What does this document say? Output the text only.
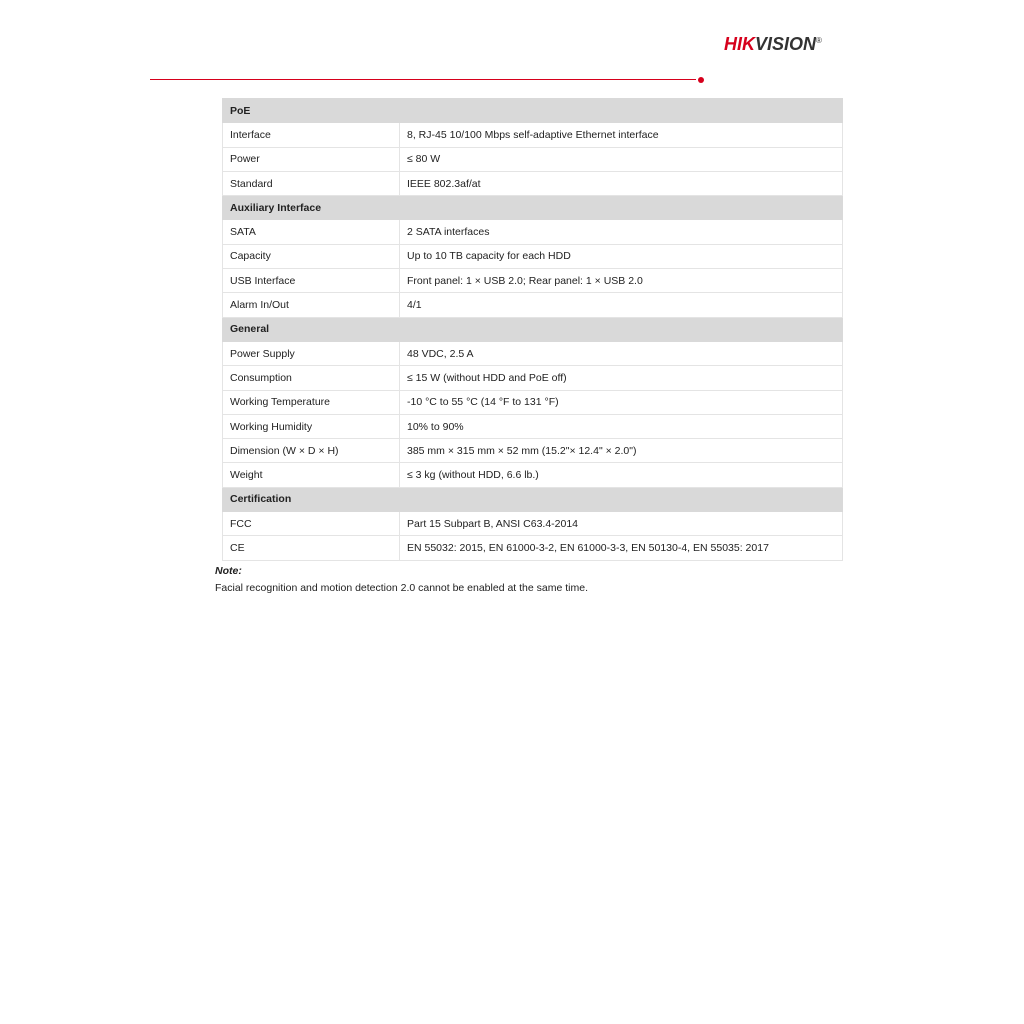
HIKVISION®
PoE	
Interface	8, RJ-45 10/100 Mbps self-adaptive Ethernet interface
Power	≤ 80 W
Standard	IEEE 802.3af/at
Auxiliary Interface	
SATA	2 SATA interfaces
Capacity	Up to 10 TB capacity for each HDD
USB Interface	Front panel: 1 × USB 2.0; Rear panel: 1 × USB 2.0
Alarm In/Out	4/1
General	
Power Supply	48 VDC, 2.5 A
Consumption	≤ 15 W (without HDD and PoE off)
Working Temperature	-10 °C to 55 °C (14 °F to 131 °F)
Working Humidity	10% to 90%
Dimension (W × D × H)	385 mm × 315 mm × 52 mm (15.2"× 12.4" × 2.0")
Weight	≤ 3 kg (without HDD, 6.6 lb.)
Certification	
FCC	Part 15 Subpart B, ANSI C63.4-2014
CE	EN 55032: 2015, EN 61000-3-2, EN 61000-3-3, EN 50130-4, EN 55035: 2017
Note:
Facial recognition and motion detection 2.0 cannot be enabled at the same time.
